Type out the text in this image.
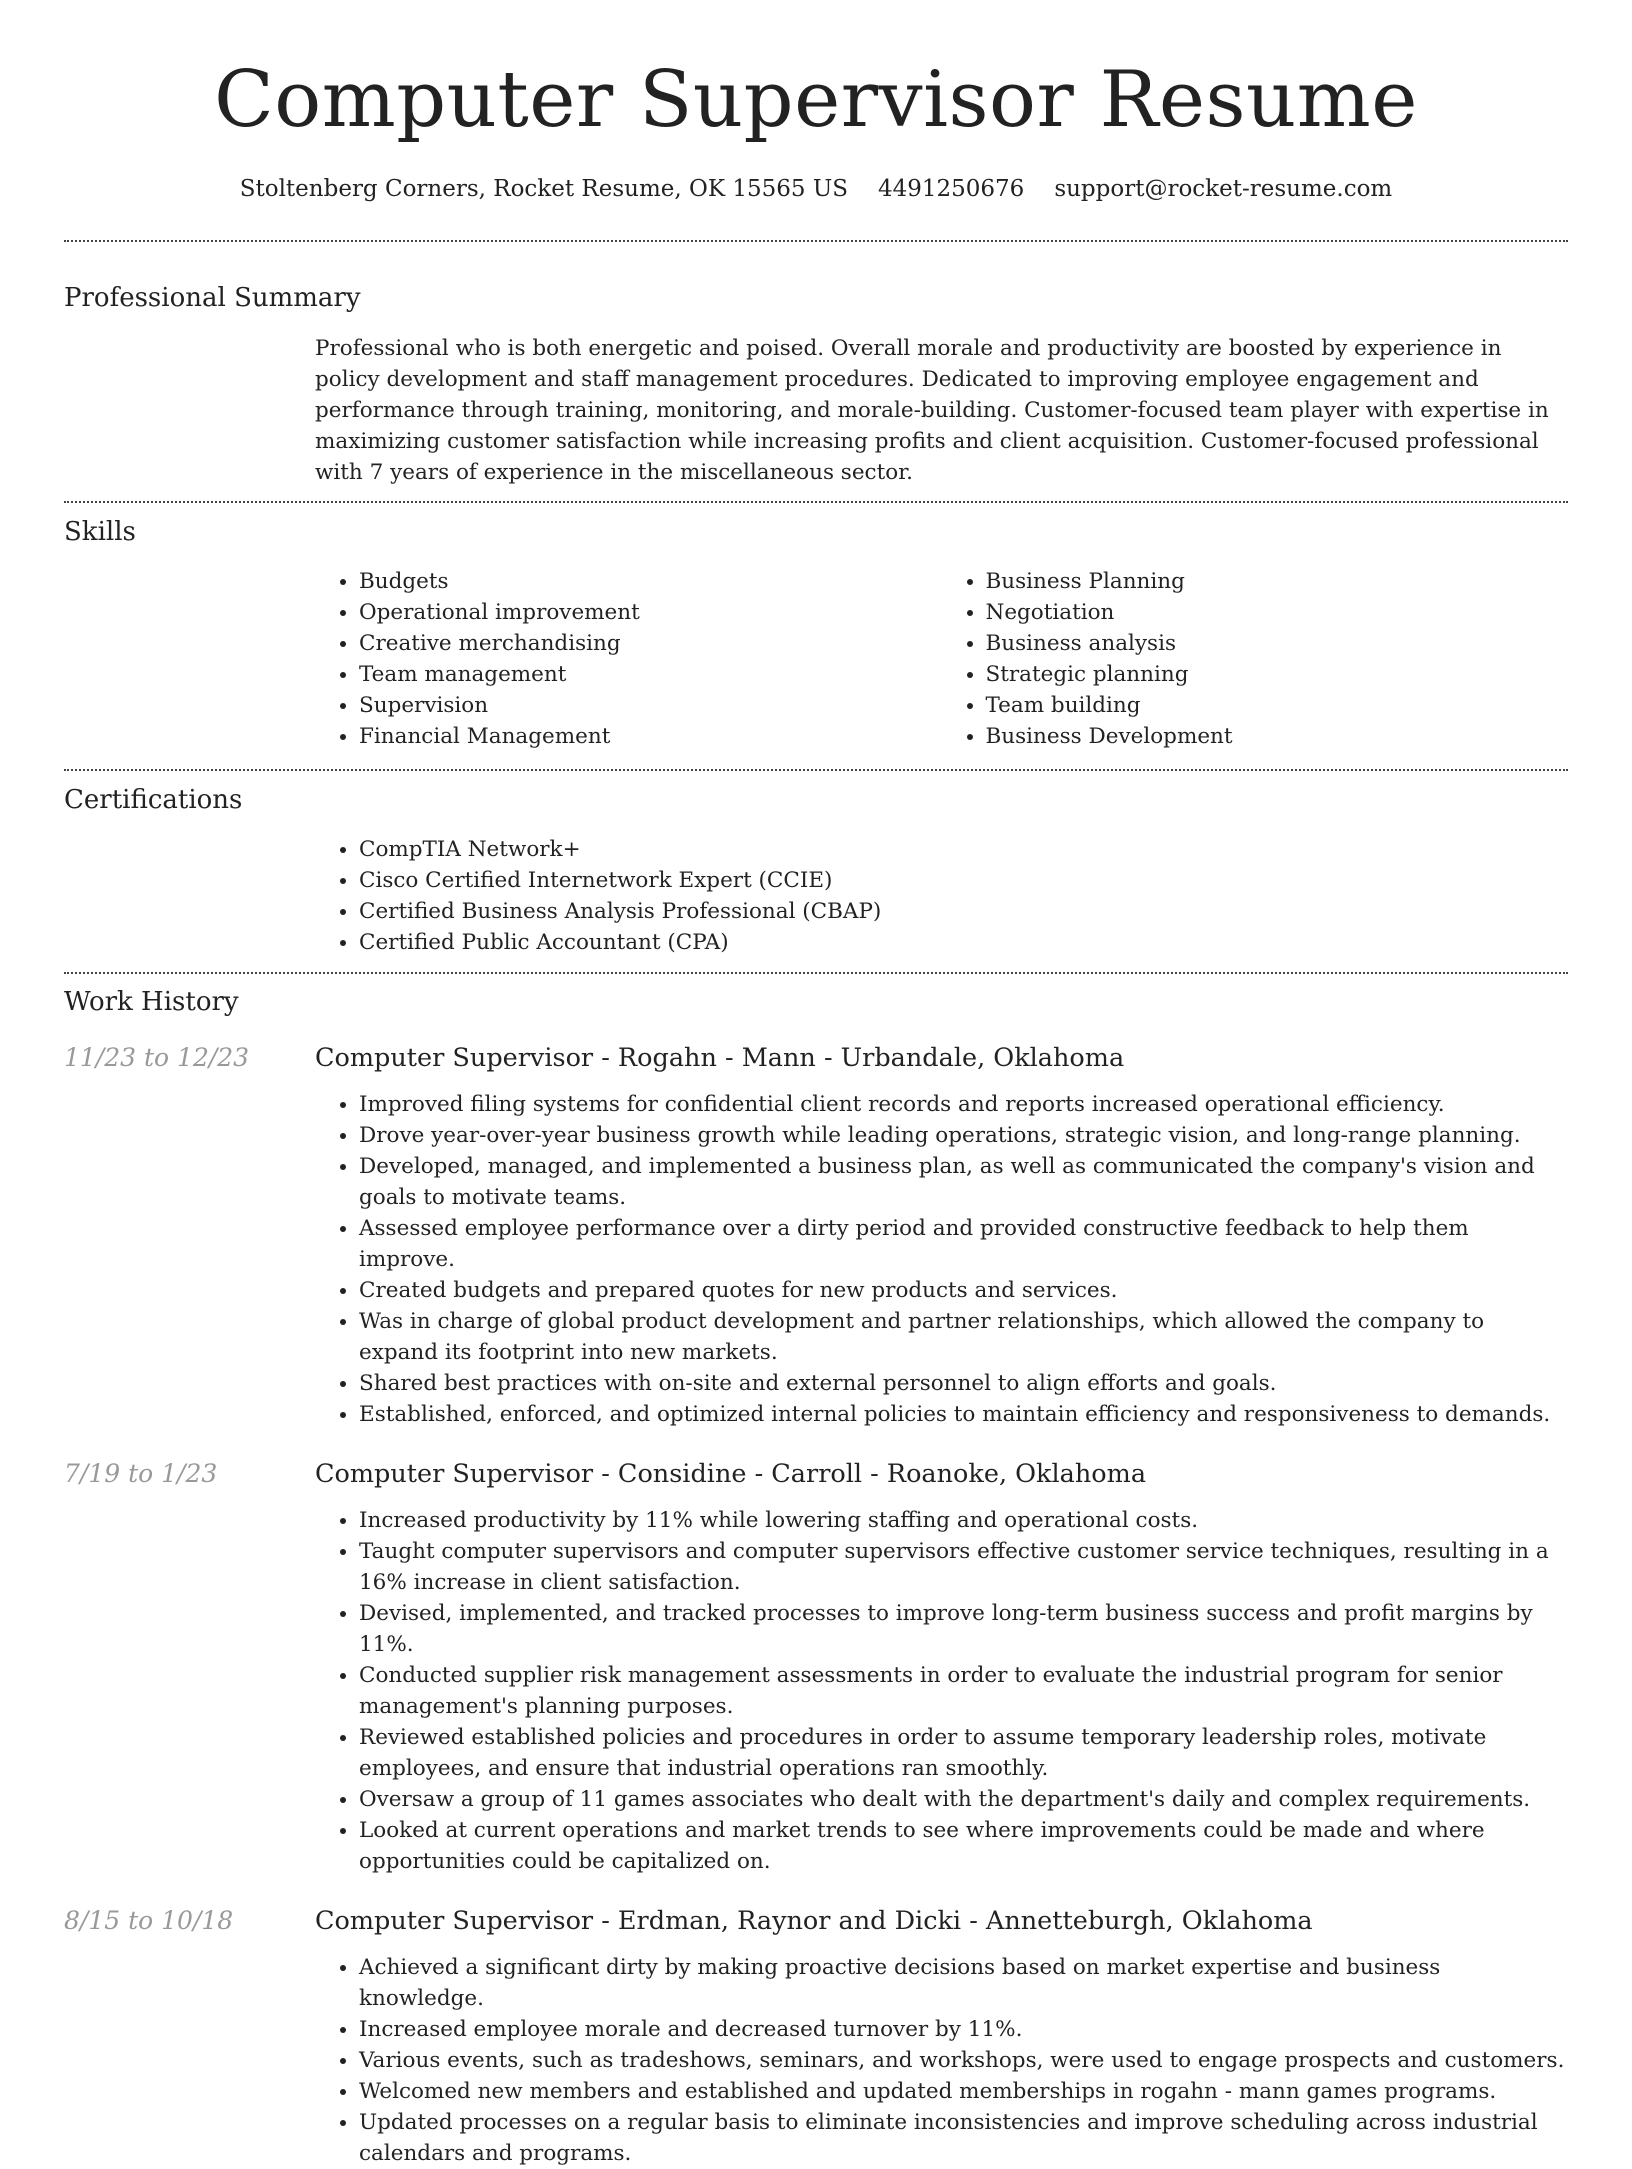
Computer Supervisor Resume
Stoltenberg Corners, Rocket Resume, OK 15565 US 4491250676 support@rocket-resume.com
Professional Summary
Professional who is both energetic and poised. Overall morale and productivity are boosted by experience in policy development and staff management procedures. Dedicated to improving employee engagement and performance through training, monitoring, and morale-building. Customer-focused team player with expertise in maximizing customer satisfaction while increasing profits and client acquisition. Customer-focused professional with 7 years of experience in the miscellaneous sector.
Skills
• Budgets
• Operational improvement
• Creative merchandising
• Team management
• Supervision
• Financial Management
• Business Planning
• Negotiation
• Business analysis
• Strategic planning
• Team building
• Business Development
Certifications
• CompTIA Network+
• Cisco Certified Internetwork Expert (CCIE)
• Certified Business Analysis Professional (CBAP)
• Certified Public Accountant (CPA)
Work History
11/23 to 12/23	Computer Supervisor - Rogahn - Mann - Urbandale, Oklahoma
• Improved filing systems for confidential client records and reports increased operational efficiency.
• Drove year-over-year business growth while leading operations, strategic vision, and long-range planning.
• Developed, managed, and implemented a business plan, as well as communicated the company's vision and goals to motivate teams.
• Assessed employee performance over a dirty period and provided constructive feedback to help them improve.
• Created budgets and prepared quotes for new products and services.
• Was in charge of global product development and partner relationships, which allowed the company to expand its footprint into new markets.
• Shared best practices with on-site and external personnel to align efforts and goals.
• Established, enforced, and optimized internal policies to maintain efficiency and responsiveness to demands.
7/19 to 1/23	Computer Supervisor - Considine - Carroll - Roanoke, Oklahoma
• Increased productivity by 11% while lowering staffing and operational costs.
• Taught computer supervisors and computer supervisors effective customer service techniques, resulting in a 16% increase in client satisfaction.
• Devised, implemented, and tracked processes to improve long-term business success and profit margins by 11%.
• Conducted supplier risk management assessments in order to evaluate the industrial program for senior management's planning purposes.
• Reviewed established policies and procedures in order to assume temporary leadership roles, motivate employees, and ensure that industrial operations ran smoothly.
• Oversaw a group of 11 games associates who dealt with the department's daily and complex requirements.
• Looked at current operations and market trends to see where improvements could be made and where opportunities could be capitalized on.
8/15 to 10/18	Computer Supervisor - Erdman, Raynor and Dicki - Annetteburgh, Oklahoma
• Achieved a significant dirty by making proactive decisions based on market expertise and business knowledge.
• Increased employee morale and decreased turnover by 11%.
• Various events, such as tradeshows, seminars, and workshops, were used to engage prospects and customers.
• Welcomed new members and established and updated memberships in rogahn - mann games programs.
• Updated processes on a regular basis to eliminate inconsistencies and improve scheduling across industrial calendars and programs.
